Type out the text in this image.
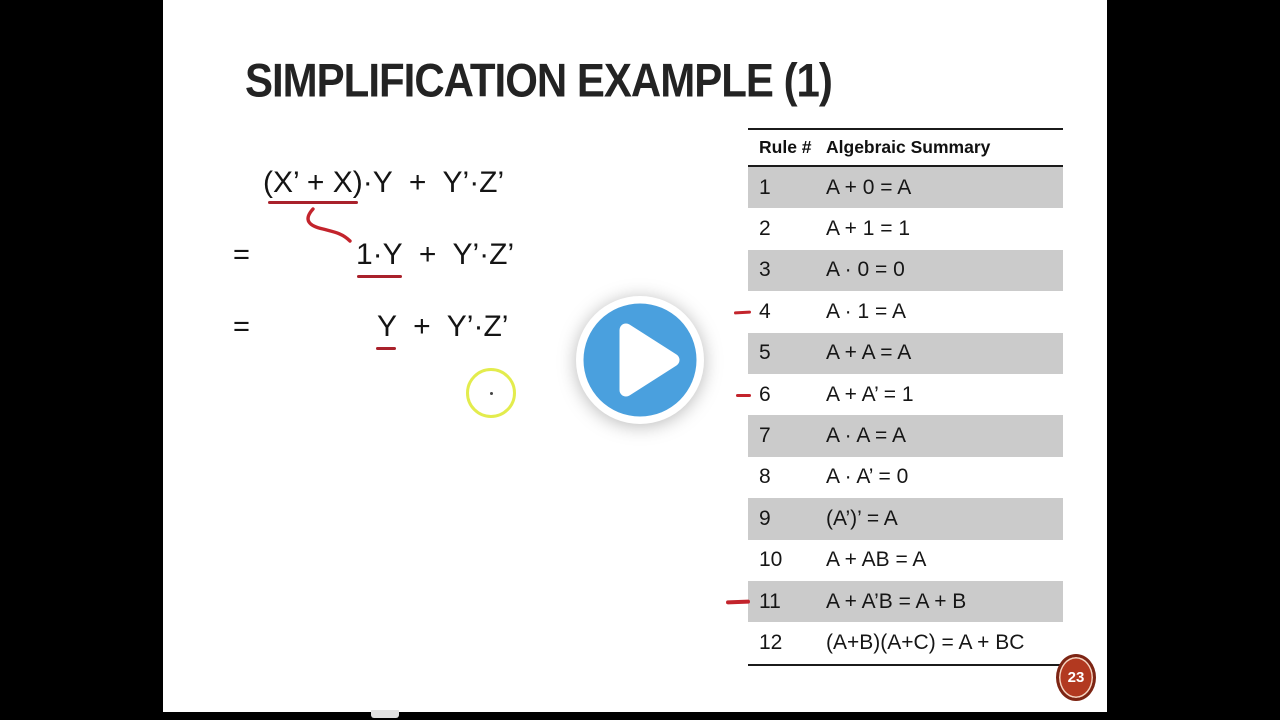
SIMPLIFICATION EXAMPLE (1)
(X’ + X)·Y  +  Y’·Z’
=	1·Y  +  Y’·Z’
=	Y  +  Y’·Z’
Rule # Algebraic Summary
1	A + 0 = A
2	A + 1 = 1
3	A · 0 = 0
4	A · 1 = A
5	A + A = A
6	A + A’ = 1
7	A · A = A
8	A · A’ = 0
9	(A’)’ = A
10	A + AB = A
11	A + A’B = A + B
12	(A+B)(A+C) = A + BC
23
